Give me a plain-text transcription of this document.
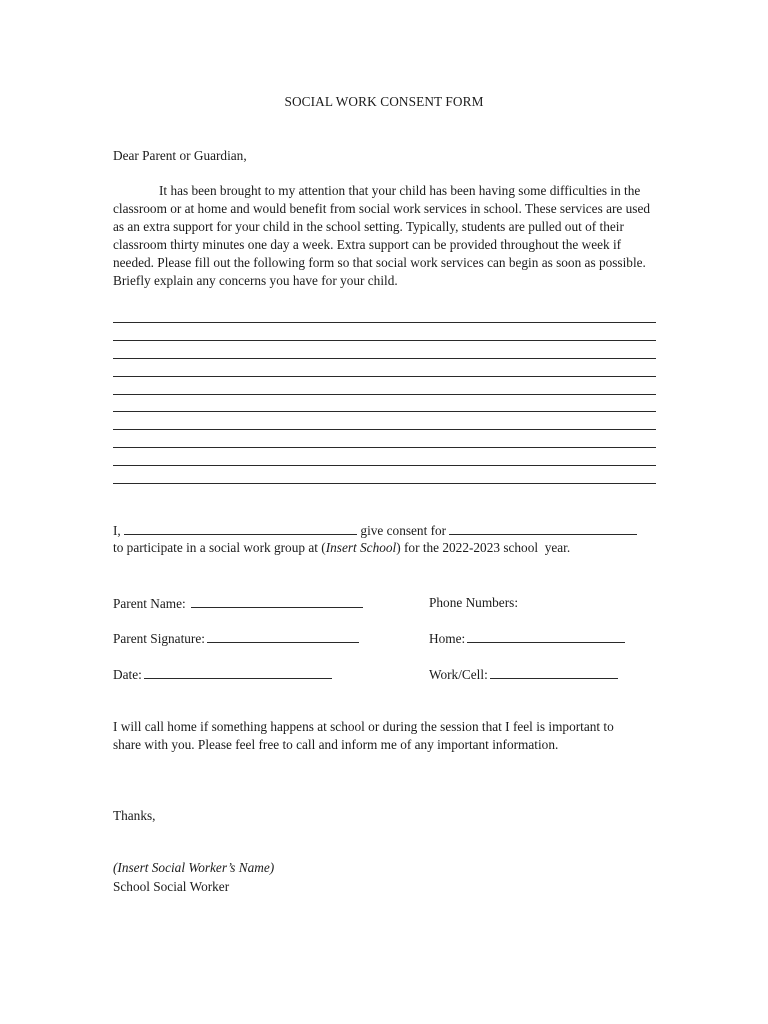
SOCIAL WORK CONSENT FORM
Dear Parent or Guardian,
It has been brought to my attention that your child has been having some difficulties in the classroom or at home and would benefit from social work services in school. These services are used as an extra support for your child in the school setting. Typically, students are pulled out of their classroom thirty minutes one day a week. Extra support can be provided throughout the week if needed. Please fill out the following form so that social work services can begin as soon as possible. Briefly explain any concerns you have for your child.
I,	give consent for
to participate in a social work group at (Insert School) for the 2022-2023 school  year.
Parent Name:	Phone Numbers:
Parent Signature:	Home:
Date:	Work/Cell:
I will call home if something happens at school or during the session that I feel is important to share with you. Please feel free to call and inform me of any important information.
Thanks,
(Insert Social Worker’s Name)
School Social Worker
